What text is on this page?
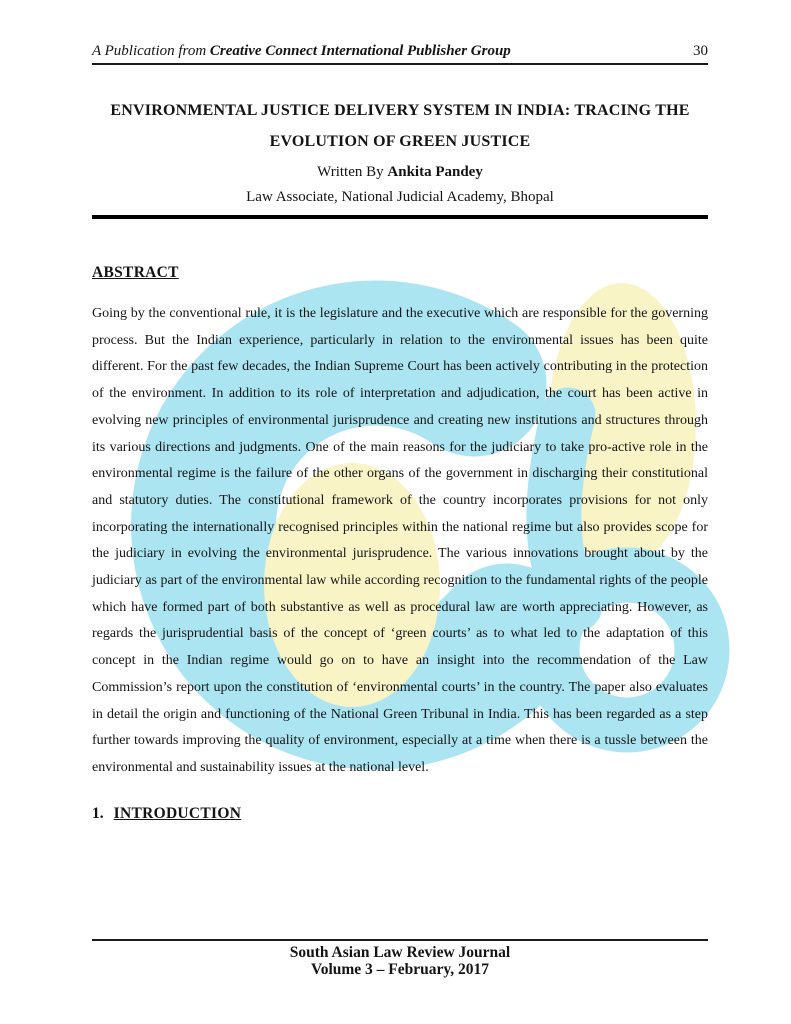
A Publication from Creative Connect International Publisher Group	30
ENVIRONMENTAL JUSTICE DELIVERY SYSTEM IN INDIA: TRACING THE EVOLUTION OF GREEN JUSTICE
Written By Ankita Pandey
Law Associate, National Judicial Academy, Bhopal
ABSTRACT

Going by the conventional rule, it is the legislature and the executive which are responsible for the governing process. But the Indian experience, particularly in relation to the environmental issues has been quite different. For the past few decades, the Indian Supreme Court has been actively contributing in the protection of the environment. In addition to its role of interpretation and adjudication, the court has been active in evolving new principles of environmental jurisprudence and creating new institutions and structures through its various directions and judgments. One of the main reasons for the judiciary to take pro-active role in the environmental regime is the failure of the other organs of the government in discharging their constitutional and statutory duties. The constitutional framework of the country incorporates provisions for not only incorporating the internationally recognised principles within the national regime but also provides scope for the judiciary in evolving the environmental jurisprudence. The various innovations brought about by the judiciary as part of the environmental law while according recognition to the fundamental rights of the people which have formed part of both substantive as well as procedural law are worth appreciating. However, as regards the jurisprudential basis of the concept of ‘green courts’ as to what led to the adaptation of this concept in the Indian regime would go on to have an insight into the recommendation of the Law Commission’s report upon the constitution of ‘environmental courts’ in the country. The paper also evaluates in detail the origin and functioning of the National Green Tribunal in India. This has been regarded as a step further towards improving the quality of environment, especially at a time when there is a tussle between the environmental and sustainability issues at the national level.

1. INTRODUCTION
South Asian Law Review Journal
Volume 3 – February, 2017
